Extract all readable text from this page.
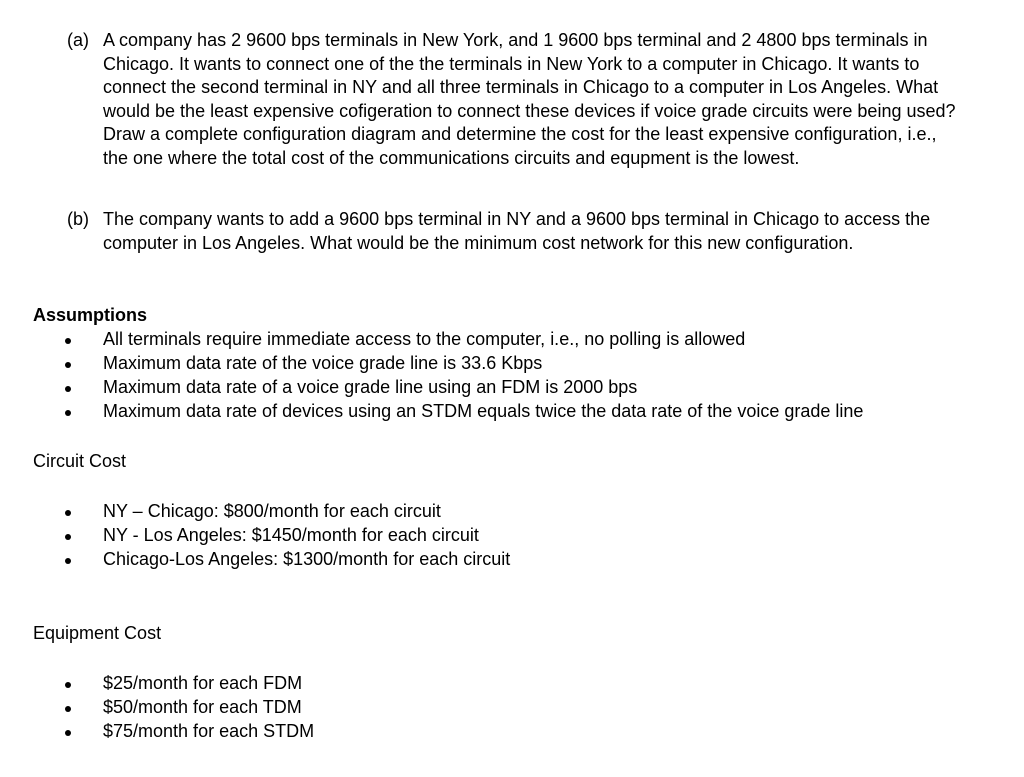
(a) A company has 2 9600 bps terminals in New York, and 1 9600 bps terminal and 2 4800 bps terminals in Chicago. It wants to connect one of the the terminals in New York to a computer in Chicago. It wants to connect the second terminal in NY and all three terminals in Chicago to a computer in Los Angeles. What would be the least expensive cofigeration to connect these devices if voice grade circuits were being used? Draw a complete configuration diagram and determine the cost for the least expensive configuration, i.e., the one where the total cost of the communications circuits and equpment is the lowest.

(b) The company wants to add a 9600 bps terminal in NY and a 9600 bps terminal in Chicago to access the computer in Los Angeles. What would be the minimum cost network for this new configuration.

Assumptions
All terminals require immediate access to the computer, i.e., no polling is allowed
Maximum data rate of the voice grade line is 33.6 Kbps
Maximum data rate of a voice grade line using an FDM is 2000 bps
Maximum data rate of devices using an STDM equals twice the data rate of the voice grade line
Circuit Cost
NY – Chicago: $800/month for each circuit
NY - Los Angeles: $1450/month for each circuit
Chicago-Los Angeles: $1300/month for each circuit
Equipment Cost
$25/month for each FDM
$50/month for each TDM
$75/month for each STDM
